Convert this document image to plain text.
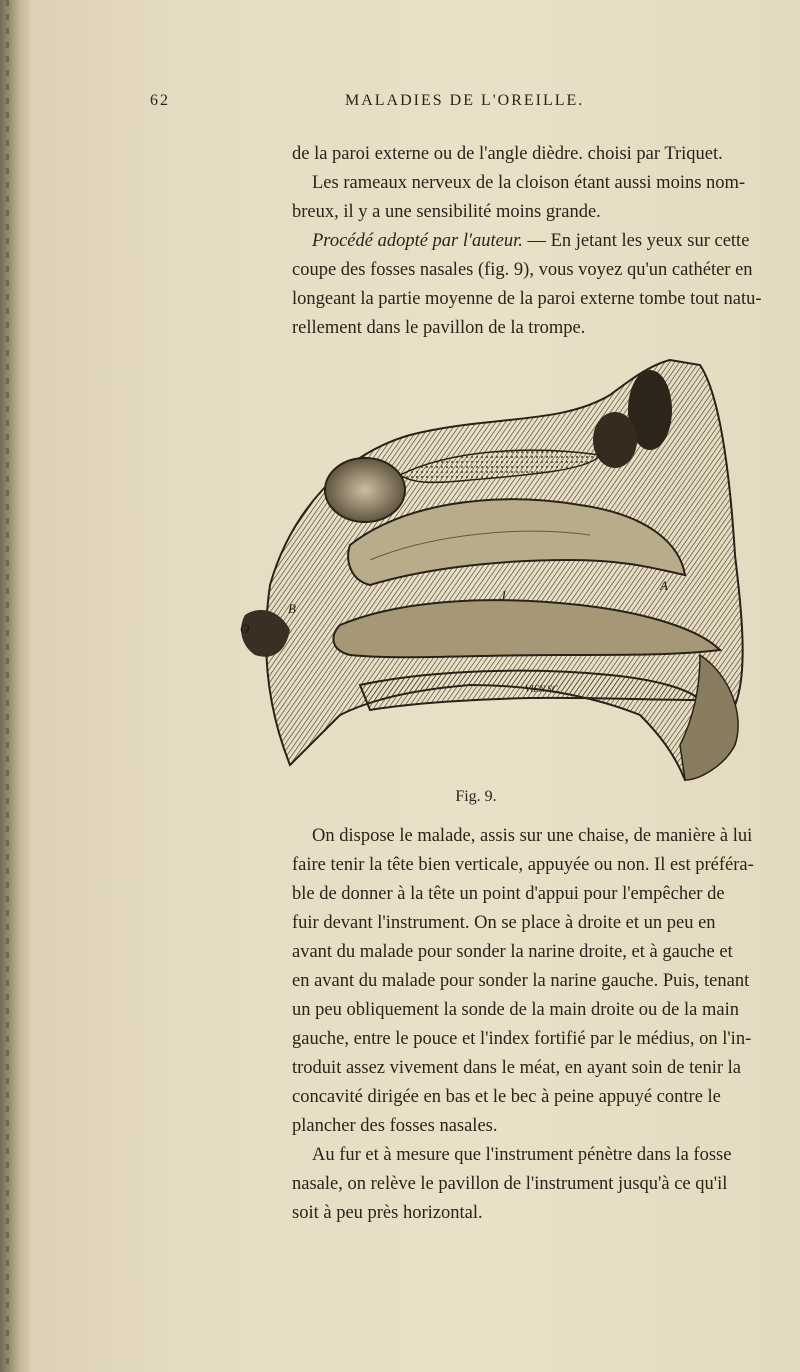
62	MALADIES DE L'OREILLE.

de la paroi externe ou de l'angle dièdre. choisi par Triquet.

Les rameaux nerveux de la cloison étant aussi moins nom-

breux, il y a une sensibilité moins grande.

Procédé adopté par l'auteur. — En jetant les yeux sur cette

coupe des fosses nasales (fig. 9), vous voyez qu'un cathéter en

longeant la partie moyenne de la paroi externe tombe tout natu-

rellement dans le pavillon de la trompe.

O
B
J
A
VIEN.SC.
Fig. 9.

On dispose le malade, assis sur une chaise, de manière à lui

faire tenir la tête bien verticale, appuyée ou non. Il est préféra-

ble de donner à la tête un point d'appui pour l'empêcher de

fuir devant l'instrument. On se place à droite et un peu en

avant du malade pour sonder la narine droite, et à gauche et

en avant du malade pour sonder la narine gauche. Puis, tenant

un peu obliquement la sonde de la main droite ou de la main

gauche, entre le pouce et l'index fortifié par le médius, on l'in-

troduit assez vivement dans le méat, en ayant soin de tenir la

concavité dirigée en bas et le bec à peine appuyé contre le

plancher des fosses nasales.

Au fur et à mesure que l'instrument pénètre dans la fosse

nasale, on relève le pavillon de l'instrument jusqu'à ce qu'il

soit à peu près horizontal.
